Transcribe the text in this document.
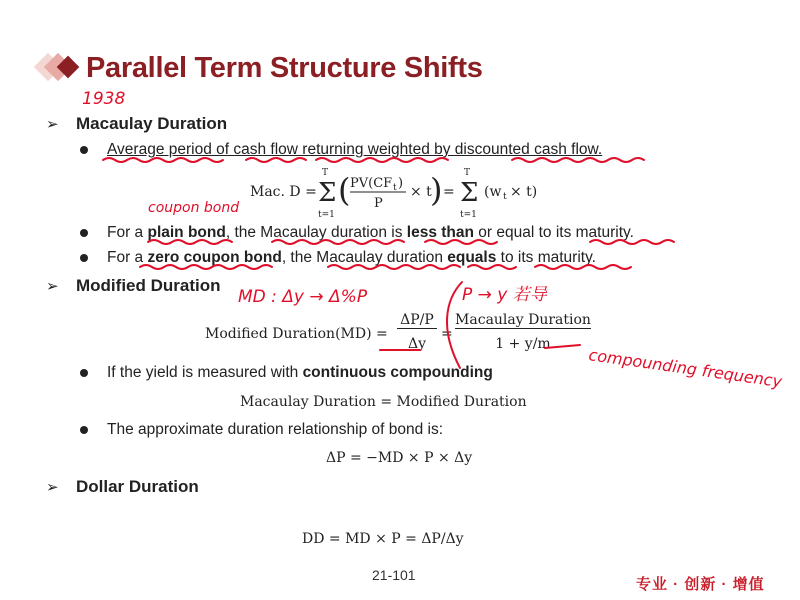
Parallel Term Structure Shifts
➢ Macaulay Duration
Average period of cash flow returning weighted by discounted cash flow.
Mac. D = Σ
T
t=1
( PV(CF t )
P
× t
) = Σ
T
t=1
(w t × t)
For a plain bond, the Macaulay duration is less than or equal to its maturity.
For a zero coupon bond, the Macaulay duration equals to its maturity.
➢ Modified Duration
Modified Duration(MD) =
ΔP/P
Δy
=
Macaulay Duration
1 + y/m
If the yield is measured with continuous compounding
Macaulay Duration = Modified Duration
The approximate duration relationship of bond is:
ΔP = −MD × P × Δy
➢ Dollar Duration
DD = MD × P = ΔP/Δy
21-101
专业 · 创新 · 增值
1938
coupon bond
MD : Δy → Δ%P	P → y 若导
compounding frequency
